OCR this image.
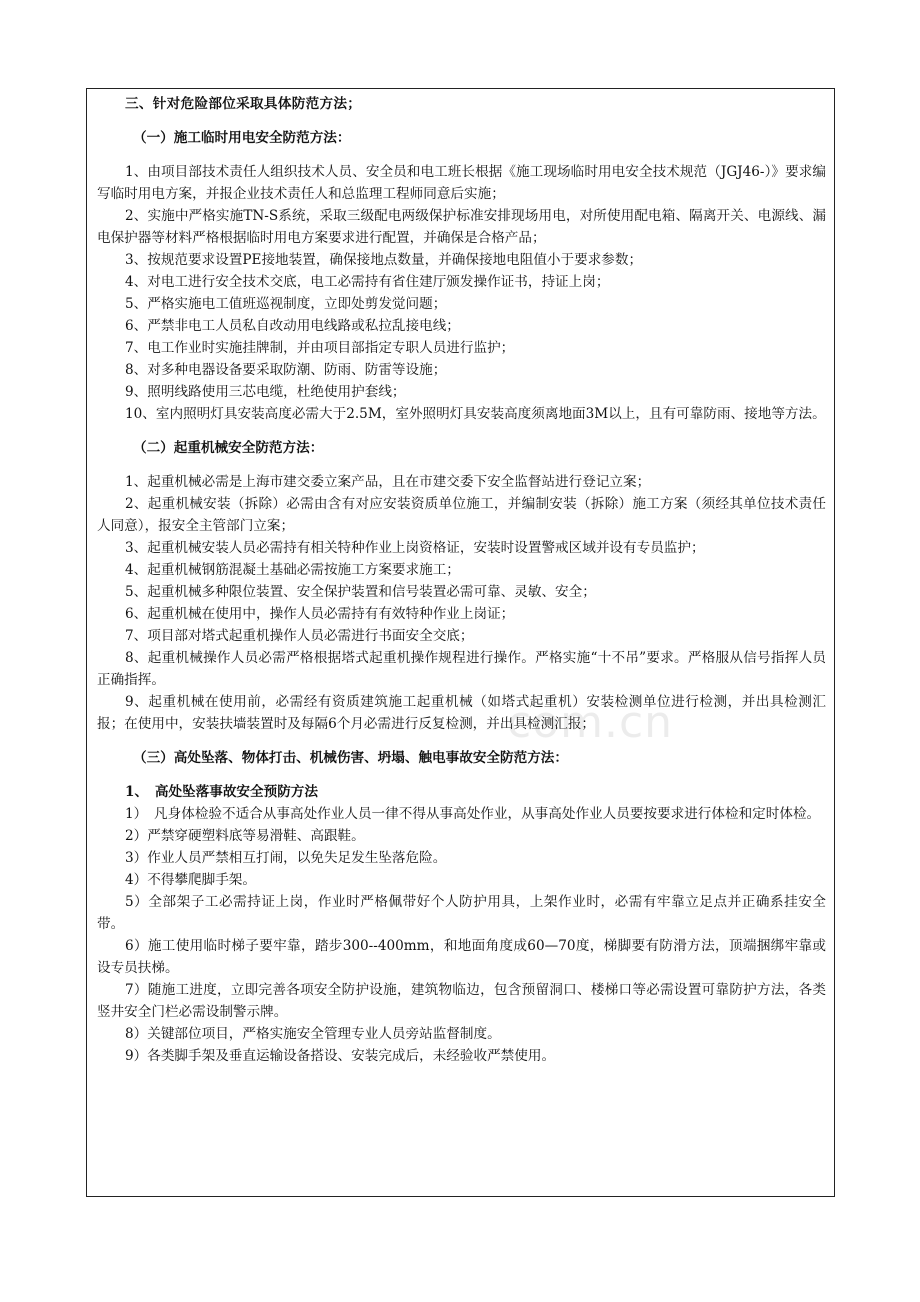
com.cn
三、针对危险部位采取具体防范方法；
（一）施工临时用电安全防范方法：

1、由项目部技术责任人组织技术人员、安全员和电工班长根据《施工现场临时用电安全技术规范（JGJ46-）》要求编写临时用电方案，并报企业技术责任人和总监理工程师同意后实施；

2、实施中严格实施TN-S系统，采取三级配电两级保护标准安排现场用电，对所使用配电箱、隔离开关、电源线、漏电保护器等材料严格根据临时用电方案要求进行配置，并确保是合格产品；

3、按规范要求设置PE接地装置，确保接地点数量，并确保接地电阻值小于要求参数；

4、对电工进行安全技术交底，电工必需持有省住建厅颁发操作证书，持证上岗；

5、严格实施电工值班巡视制度，立即处剪发觉问题；

6、严禁非电工人员私自改动用电线路或私拉乱接电线；

7、电工作业时实施挂牌制，并由项目部指定专职人员进行监护；

8、对多种电器设备要采取防潮、防雨、防雷等设施；

9、照明线路使用三芯电缆，杜绝使用护套线；

10、室内照明灯具安装高度必需大于2.5M，室外照明灯具安装高度须离地面3M以上，且有可靠防雨、接地等方法。

（二）起重机械安全防范方法：

1、起重机械必需是上海市建交委立案产品，且在市建交委下安全监督站进行登记立案；

2、起重机械安装（拆除）必需由含有对应安装资质单位施工，并编制安装（拆除）施工方案（须经其单位技术责任人同意），报安全主管部门立案；

3、起重机械安装人员必需持有相关特种作业上岗资格证，安装时设置警戒区域并设有专员监护；

4、起重机械钢筋混凝土基础必需按施工方案要求施工；

5、起重机械多种限位装置、安全保护装置和信号装置必需可靠、灵敏、安全；

6、起重机械在使用中，操作人员必需持有有效特种作业上岗证；

7、项目部对塔式起重机操作人员必需进行书面安全交底；

8、起重机械操作人员必需严格根据塔式起重机操作规程进行操作。严格实施“十不吊”要求。严格服从信号指挥人员正确指挥。

9、起重机械在使用前，必需经有资质建筑施工起重机械（如塔式起重机）安装检测单位进行检测，并出具检测汇报；在使用中，安装扶墙装置时及每隔6个月必需进行反复检测，并出具检测汇报；

（三）高处坠落、物体打击、机械伤害、坍塌、触电事故安全防范方法：
1、　高处坠落事故安全预防方法

1）　凡身体检验不适合从事高处作业人员一律不得从事高处作业，从事高处作业人员要按要求进行体检和定时体检。

2）严禁穿硬塑料底等易滑鞋、高跟鞋。

3）作业人员严禁相互打闹，以免失足发生坠落危险。

4）不得攀爬脚手架。

5）全部架子工必需持证上岗，作业时严格佩带好个人防护用具，上架作业时，必需有牢靠立足点并正确系挂安全带。

6）施工使用临时梯子要牢靠，踏步300--400mm，和地面角度成60—70度，梯脚要有防滑方法，顶端捆绑牢靠或设专员扶梯。

7）随施工进度，立即完善各项安全防护设施，建筑物临边，包含预留洞口、楼梯口等必需设置可靠防护方法，各类竖井安全门栏必需设制警示牌。

8）关键部位项目，严格实施安全管理专业人员旁站监督制度。

9）各类脚手架及垂直运输设备搭设、安装完成后，未经验收严禁使用。
